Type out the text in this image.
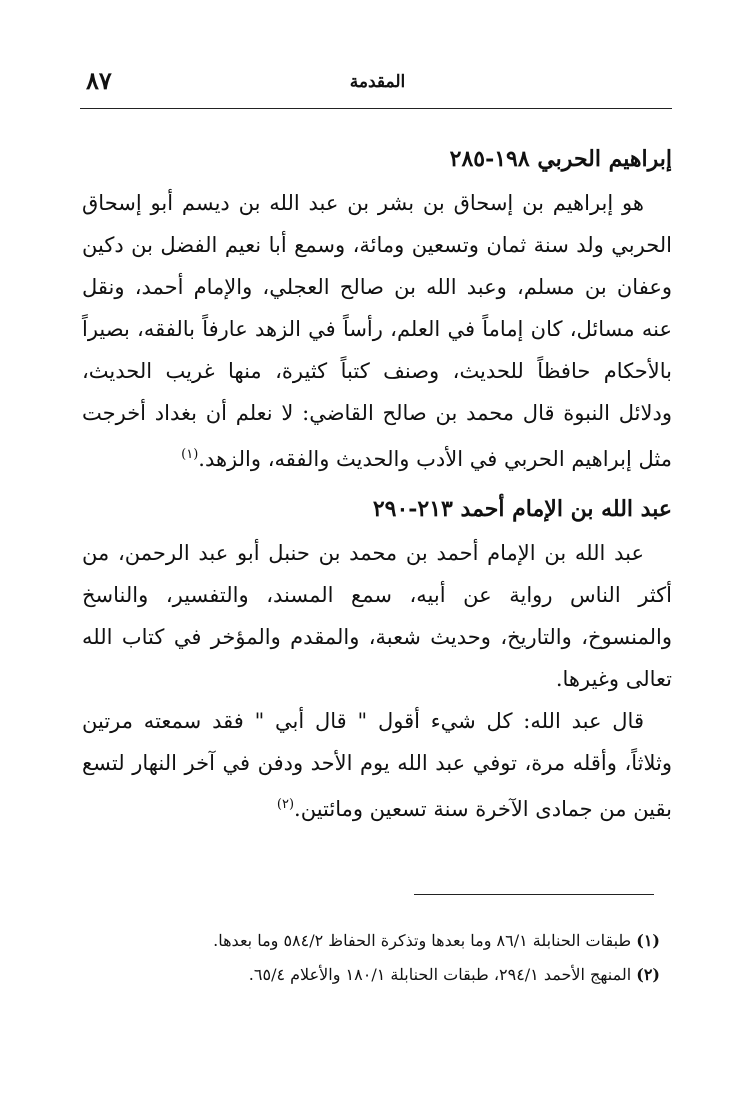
٨٧	المقدمة
إبراهيم الحربي ١٩٨-٢٨٥

هو إبراهيم بن إسحاق بن بشر بن عبد الله بن ديسم أبو إسحاق الحربي ولد سنة ثمان وتسعين ومائة، وسمع أبا نعيم الفضل بن دكين وعفان بن مسلم، وعبد الله بن صالح العجلي، والإمام أحمد، ونقل عنه مسائل، كان إماماً في العلم، رأساً في الزهد عارفاً بالفقه، بصيراً بالأحكام حافظاً للحديث، وصنف كتباً كثيرة، منها غريب الحديث، ودلائل النبوة قال محمد بن صالح القاضي: لا نعلم أن بغداد أخرجت مثل إبراهيم الحربي في الأدب والحديث والفقه، والزهد.$^{(١)}$

عبد الله بن الإمام أحمد ٢١٣-٢٩٠

عبد الله بن الإمام أحمد بن محمد بن حنبل أبو عبد الرحمن، من أكثر الناس رواية عن أبيه، سمع المسند، والتفسير، والناسخ والمنسوخ، والتاريخ، وحديث شعبة، والمقدم والمؤخر في كتاب الله تعالى وغيرها.

قال عبد الله: كل شيء أقول " قال أبي " فقد سمعته مرتين وثلاثاً، وأقله مرة، توفي عبد الله يوم الأحد ودفن في آخر النهار لتسع بقين من جمادى الآخرة سنة تسعين ومائتين.$^{(٢)}$

(١) طبقات الحنابلة ٨٦/١ وما بعدها وتذكرة الحفاظ ٥٨٤/٢ وما بعدها.

(٢) المنهج الأحمد ٢٩٤/١، طبقات الحنابلة ١٨٠/١ والأعلام ٦٥/٤.
